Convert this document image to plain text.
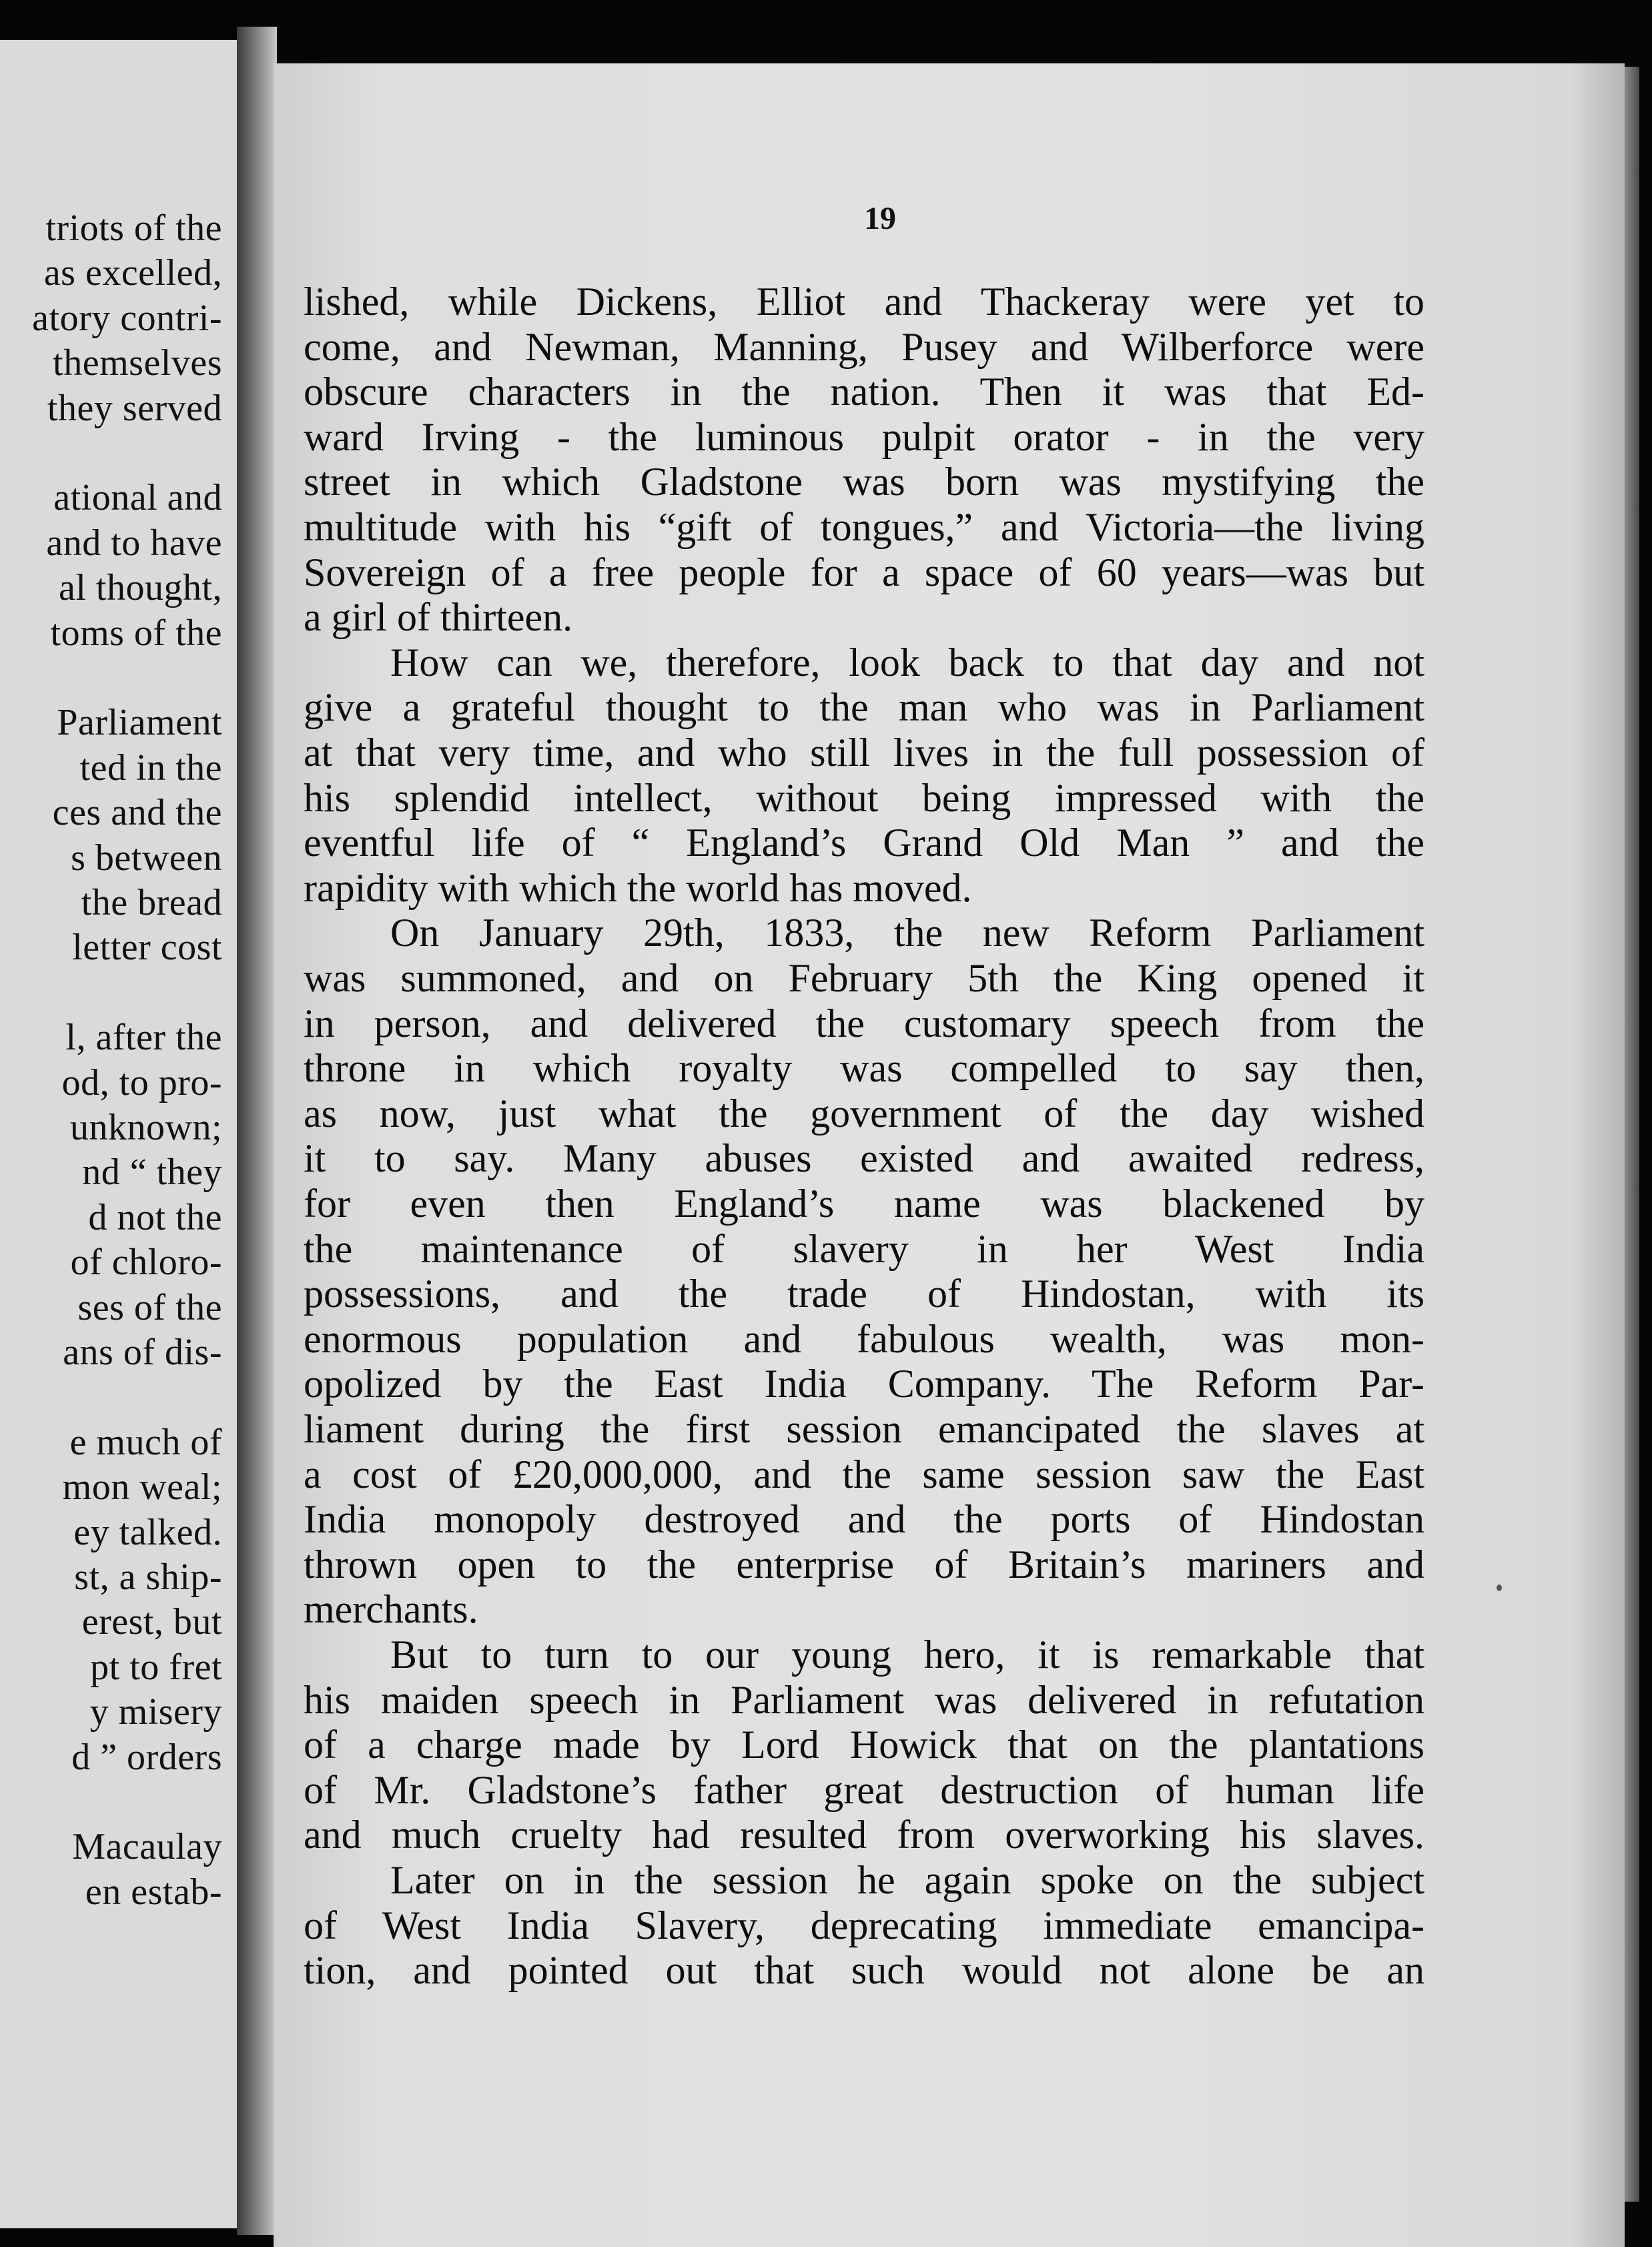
triots of the
as excelled,
atory contri-
themselves
they served
ational and
and to have
al thought,
toms of the
Parliament
ted in the
ces and the
s between
the bread
letter cost
l, after the
od, to pro-
unknown;
nd “ they
d not the
of chloro-
ses of the
ans of dis-
e much of
mon weal;
ey talked.
st, a ship-
erest, but
pt to fret
y misery
d ” orders
Macaulay
en estab-
19
lished, while Dickens, Elliot and Thackeray were yet to
come, and Newman, Manning, Pusey and Wilberforce were
obscure characters in the nation. Then it was that Ed-
ward Irving - the luminous pulpit orator - in the very
street in which Gladstone was born was mystifying the
multitude with his “gift of tongues,” and Victoria—the living
Sovereign of a free people for a space of 60 years—was but
a girl of thirteen.
How can we, therefore, look back to that day and not
give a grateful thought to the man who was in Parliament
at that very time, and who still lives in the full possession of
his splendid intellect, without being impressed with the
eventful life of “ England’s Grand Old Man ” and the
rapidity with which the world has moved.
On January 29th, 1833, the new Reform Parliament
was summoned, and on February 5th the King opened it
in person, and delivered the customary speech from the
throne in which royalty was compelled to say then,
as now, just what the government of the day wished
it to say. Many abuses existed and awaited redress,
for even then England’s name was blackened by
the maintenance of slavery in her West India
possessions, and the trade of Hindostan, with its
enormous population and fabulous wealth, was mon-
opolized by the East India Company. The Reform Par-
liament during the first session emancipated the slaves at
a cost of £20,000,000, and the same session saw the East
India monopoly destroyed and the ports of Hindostan
thrown open to the enterprise of Britain’s mariners and
merchants.
But to turn to our young hero, it is remarkable that
his maiden speech in Parliament was delivered in refutation
of a charge made by Lord Howick that on the plantations
of Mr. Gladstone’s father great destruction of human life
and much cruelty had resulted from overworking his slaves.
Later on in the session he again spoke on the subject
of West India Slavery, deprecating immediate emancipa-
tion, and pointed out that such would not alone be an
